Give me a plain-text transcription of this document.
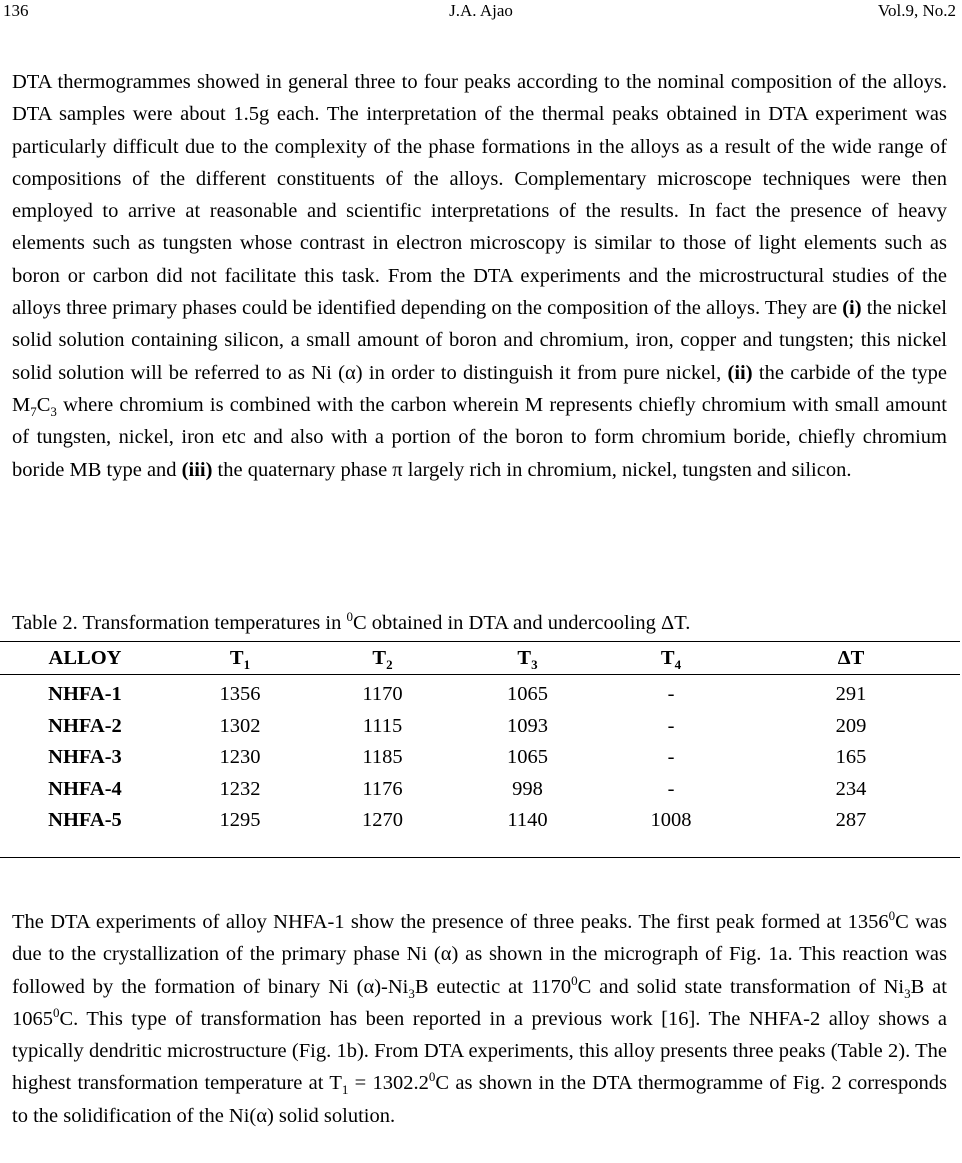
136	J.A. Ajao	Vol.9, No.2

DTA thermogrammes showed in general three to four peaks according to the nominal composition of the alloys. DTA samples were about 1.5g each. The interpretation of the thermal peaks obtained in DTA experiment was particularly difficult due to the complexity of the phase formations in the alloys as a result of the wide range of compositions of the different constituents of the alloys. Complementary microscope techniques were then employed to arrive at reasonable and scientific interpretations of the results. In fact the presence of heavy elements such as tungsten whose contrast in electron microscopy is similar to those of light elements such as boron or carbon did not facilitate this task. From the DTA experiments and the microstructural studies of the alloys three primary phases could be identified depending on the composition of the alloys. They are (i) the nickel solid solution containing silicon, a small amount of boron and chromium, iron, copper and tungsten; this nickel solid solution will be referred to as Ni (α) in order to distinguish it from pure nickel, (ii) the carbide of the type $M_7C_3$ where chromium is combined with the carbon wherein M represents chiefly chromium with small amount of tungsten, nickel, iron etc and also with a portion of the boron to form chromium boride, chiefly chromium boride MB type and (iii) the quaternary phase π largely rich in chromium, nickel, tungsten and silicon.

Table 2. Transformation temperatures in $^0$C obtained in DTA and undercooling ΔT.
ALLOY	$T_1$	$T_2$	$T_3$	$T_4$	ΔT
NHFA-1	1356	1170	1065	-	291
NHFA-2	1302	1115	1093	-	209
NHFA-3	1230	1185	1065	-	165
NHFA-4	1232	1176	998	-	234
NHFA-5	1295	1270	1140	1008	287

The DTA experiments of alloy NHFA-1 show the presence of three peaks. The first peak formed at 1356$^0$C was due to the crystallization of the primary phase Ni (α) as shown in the micrograph of Fig. 1a. This reaction was followed by the formation of binary Ni $(\alpha)-Ni_3B$ eutectic at 1170$^0$C and solid state transformation of $Ni_3B$ at 1065$^0$C. This type of transformation has been reported in a previous work [16]. The NHFA-2 alloy shows a typically dendritic microstructure (Fig. 1b). From DTA experiments, this alloy presents three peaks (Table 2). The highest transformation temperature at $T_1 = 1302.2^0C$ as shown in the DTA thermogramme of Fig. 2 corresponds to the solidification of the Ni(α) solid solution.
